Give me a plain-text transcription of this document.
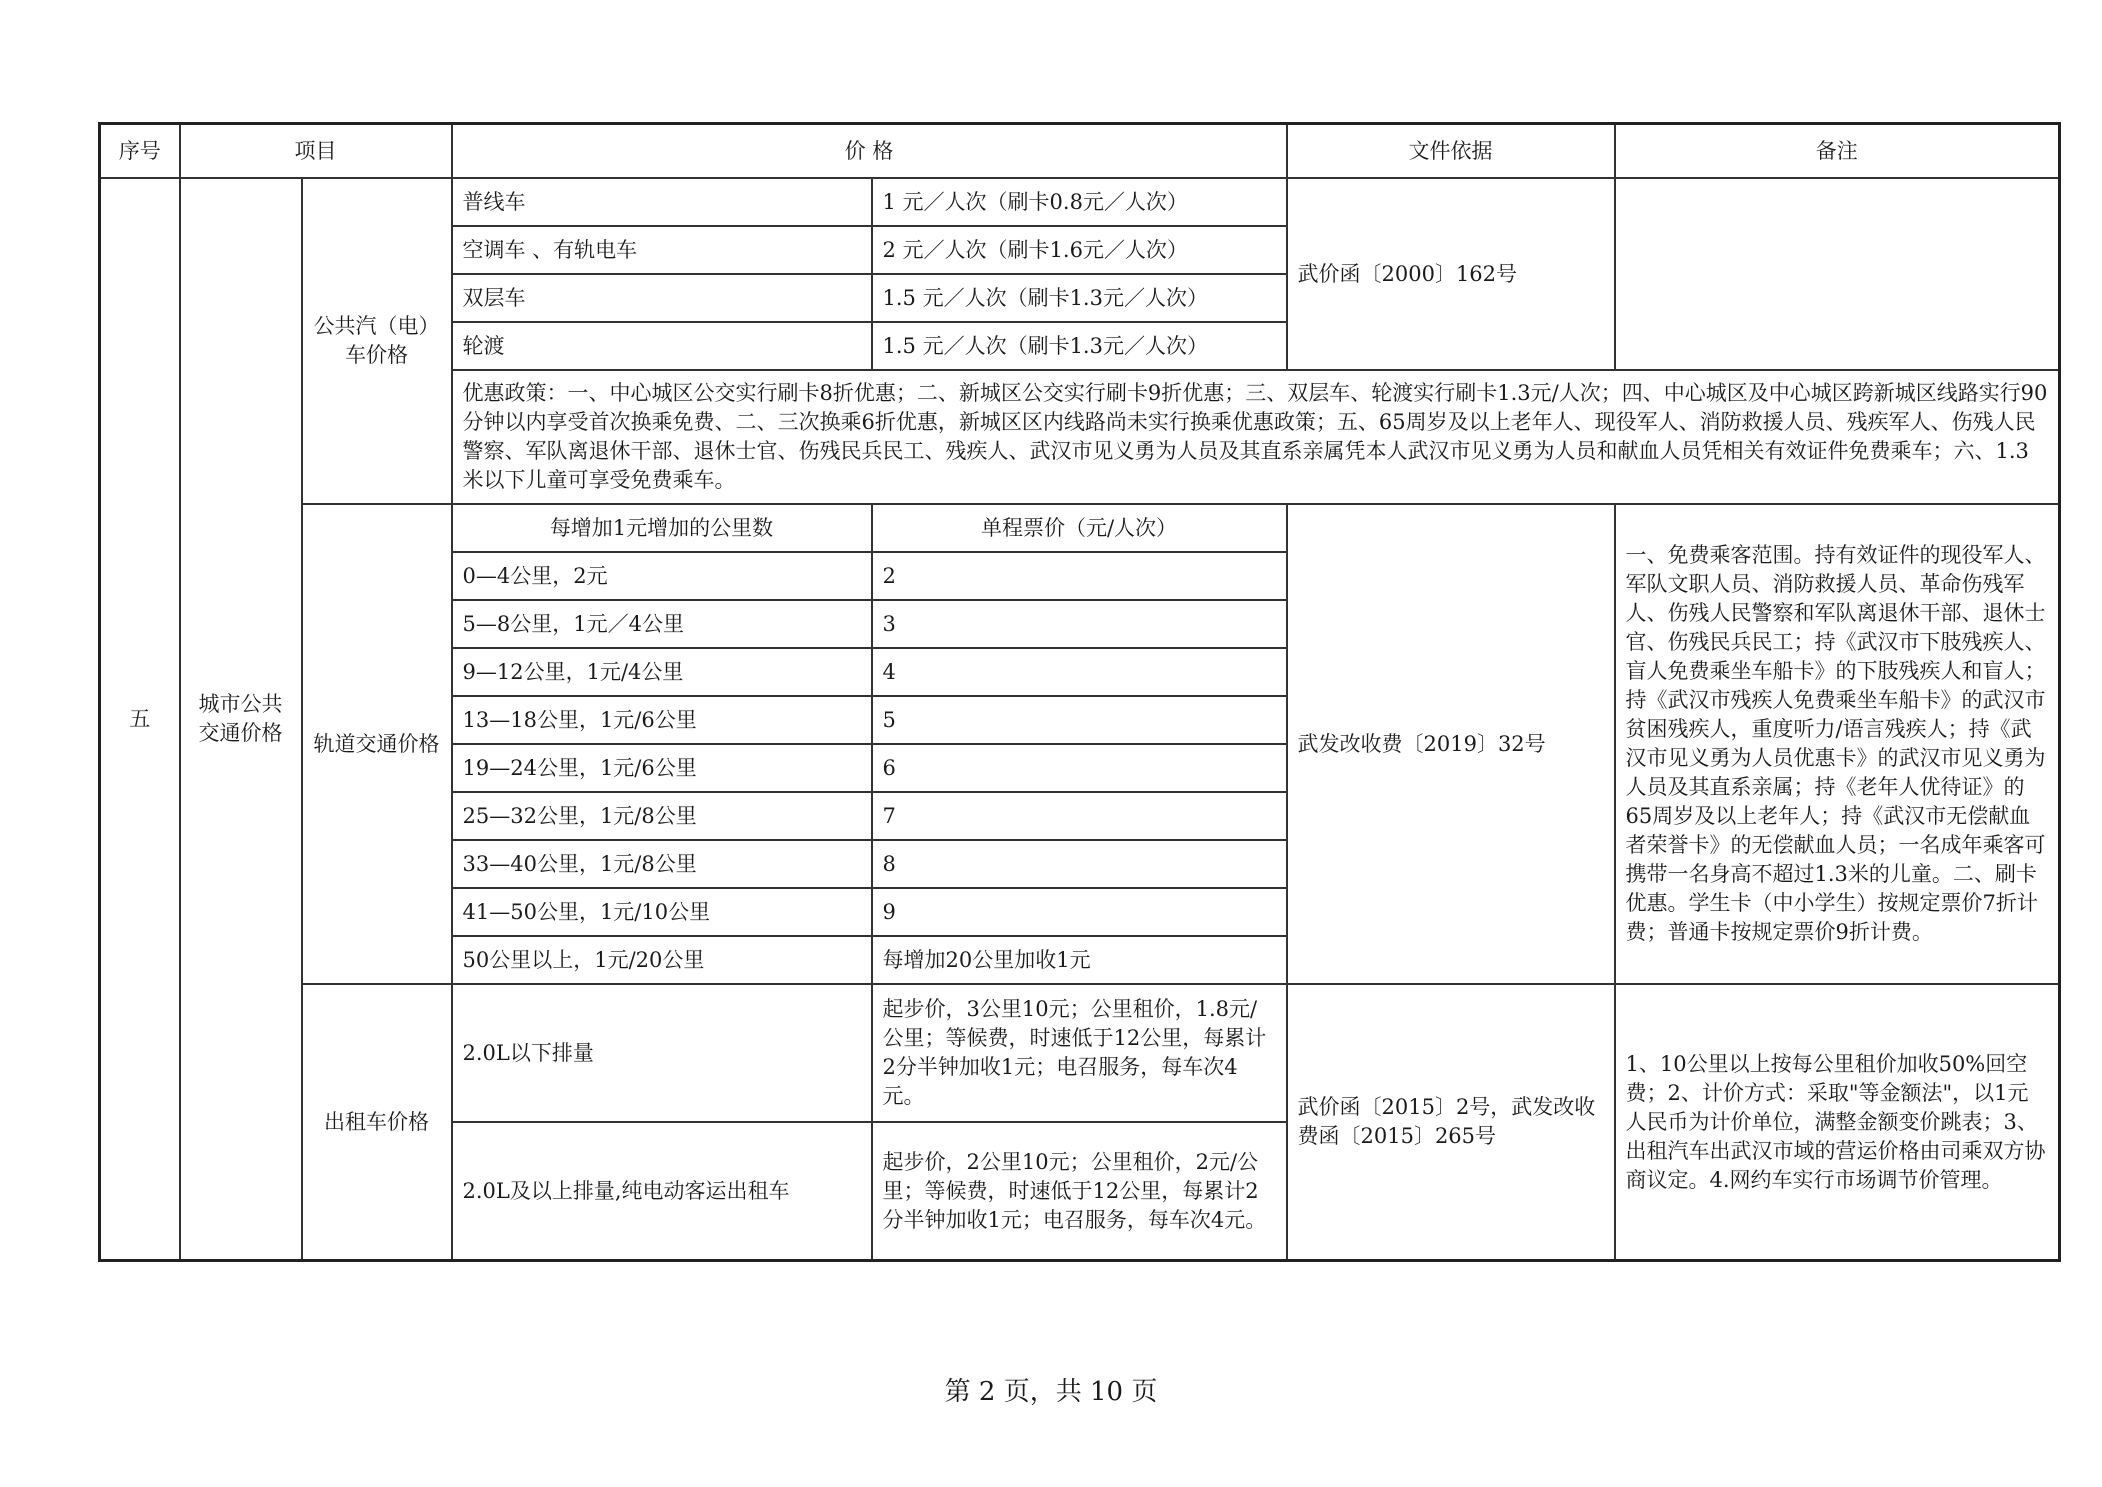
序号	项目		价 格		文件依据	备注
五	城市公共交通价格	公共汽（电）车价格	普线车	1 元／人次（刷卡0.8元／人次）	武价函〔2000〕162号	
			空调车 、有轨电车	2 元／人次（刷卡1.6元／人次）		
			双层车	1.5 元／人次（刷卡1.3元／人次）		
			轮渡	1.5 元／人次（刷卡1.3元／人次）		
			优惠政策：一、中心城区公交实行刷卡8折优惠；二、新城区公交实行刷卡9折优惠；三、双层车、轮渡实行刷卡1.3元/人次；四、中心城区及中心城区跨新城区线路实行90分钟以内享受首次换乘免费、二、三次换乘6折优惠，新城区区内线路尚未实行换乘优惠政策；五、65周岁及以上老年人、现役军人、消防救援人员、残疾军人、伤残人民警察、军队离退休干部、退休士官、伤残民兵民工、残疾人、武汉市见义勇为人员及其直系亲属凭本人武汉市见义勇为人员和献血人员凭相关有效证件免费乘车；六、1.3米以下儿童可享受免费乘车。			
		轨道交通价格	每增加1元增加的公里数	单程票价（元/人次）	武发改收费〔2019〕32号	一、免费乘客范围。持有效证件的现役军人、军队文职人员、消防救援人员、革命伤残军人、伤残人民警察和军队离退休干部、退休士官、伤残民兵民工；持《武汉市下肢残疾人、盲人免费乘坐车船卡》的下肢残疾人和盲人；持《武汉市残疾人免费乘坐车船卡》的武汉市贫困残疾人，重度听力/语言残疾人；持《武汉市见义勇为人员优惠卡》的武汉市见义勇为人员及其直系亲属；持《老年人优待证》的65周岁及以上老年人；持《武汉市无偿献血者荣誉卡》的无偿献血人员；一名成年乘客可携带一名身高不超过1.3米的儿童。二、刷卡优惠。学生卡（中小学生）按规定票价7折计费；普通卡按规定票价9折计费。
			0—4公里，2元	2		
			5—8公里，1元／4公里	3		
			9—12公里，1元/4公里	4		
			13—18公里，1元/6公里	5		
			19—24公里，1元/6公里	6		
			25—32公里，1元/8公里	7		
			33—40公里，1元/8公里	8		
			41—50公里，1元/10公里	9		
			50公里以上，1元/20公里	每增加20公里加收1元		
		出租车价格	2.0L以下排量	起步价，3公里10元；公里租价，1.8元/公里；等候费，时速低于12公里，每累计2分半钟加收1元；电召服务，每车次4元。	武价函〔2015〕2号，武发改收费函〔2015〕265号	1、10公里以上按每公里租价加收50%回空费；2、计价方式：采取"等金额法"，以1元人民币为计价单位，满整金额变价跳表；3、出租汽车出武汉市域的营运价格由司乘双方协商议定。4.网约车实行市场调节价管理。
			2.0L及以上排量,纯电动客运出租车	起步价，2公里10元；公里租价，2元/公里；等候费，时速低于12公里，每累计2分半钟加收1元；电召服务，每车次4元。		
第 2 页，共 10 页
